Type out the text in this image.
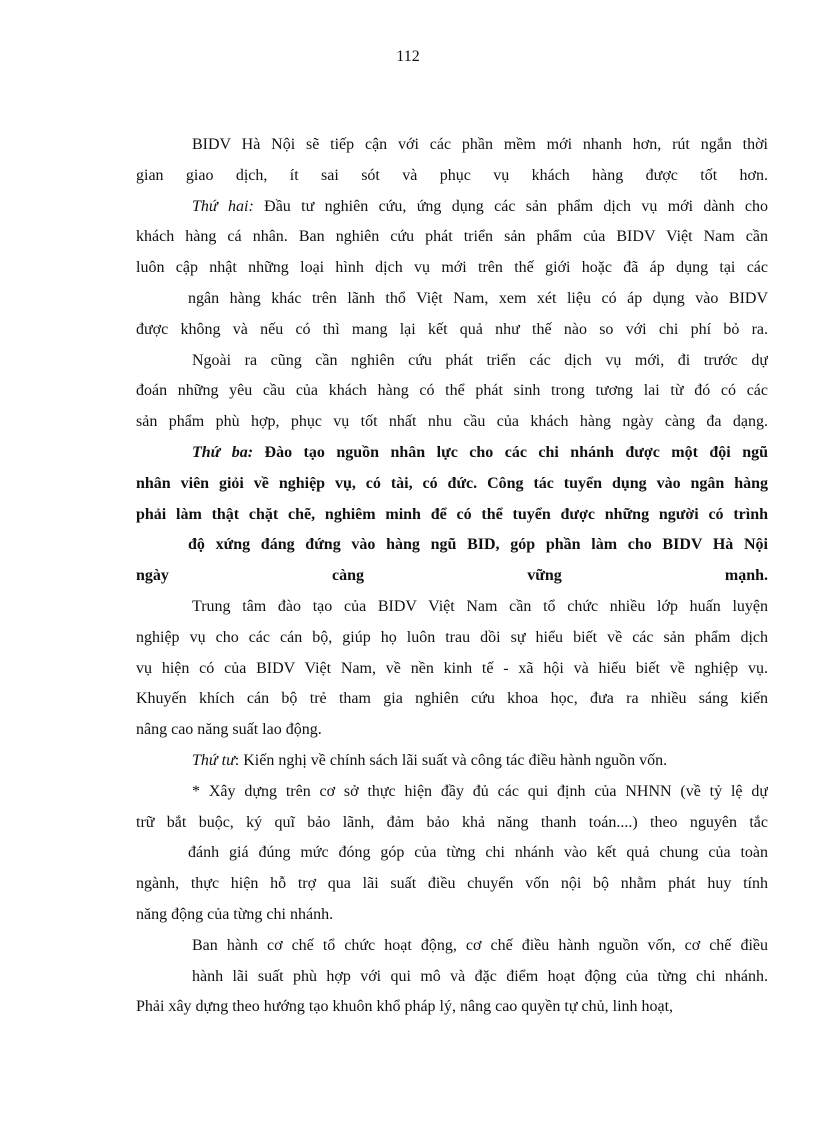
112
BIDV Hà Nội sẽ tiếp cận với các phần mềm mới nhanh hơn, rút ngắn thời
gian giao dịch, ít sai sót và phục vụ khách hàng được tốt hơn.
Thứ hai: Đầu tư nghiên cứu, ứng dụng các sản phẩm dịch vụ mới dành cho
khách hàng cá nhân. Ban nghiên cứu phát triển sản phẩm của BIDV Việt Nam cần
luôn cập nhật những loại hình dịch vụ mới trên thế giới hoặc đã áp dụng tại các
ngân hàng khác trên lãnh thổ Việt Nam, xem xét liệu có áp dụng vào BIDV
được không và nếu có thì mang lại kết quả như thế nào so với chi phí bỏ ra.
Ngoài ra cũng cần nghiên cứu phát triển các dịch vụ mới, đi trước dự
đoán những yêu cầu của khách hàng có thể phát sinh trong tương lai từ đó có các
sản phẩm phù hợp, phục vụ tốt nhất nhu cầu của khách hàng ngày càng đa dạng.
Thứ ba: Đào tạo nguồn nhân lực cho các chi nhánh được một đội ngũ
nhân viên giỏi về nghiệp vụ, có tài, có đức. Công tác tuyển dụng vào ngân hàng
phải làm thật chặt chẽ, nghiêm minh để có thể tuyển được những người có trình
độ xứng đáng đứng vào hàng ngũ BID, góp phần làm cho BIDV Hà Nội
ngày càng vững mạnh.
Trung tâm đào tạo của BIDV Việt Nam cần tổ chức nhiều lớp huấn luyện
nghiệp vụ cho các cán bộ, giúp họ luôn trau dồi sự hiểu biết về các sản phẩm dịch
vụ hiện có của BIDV Việt Nam, về nền kinh tế - xã hội và hiểu biết về nghiệp vụ.
Khuyến khích cán bộ trẻ tham gia nghiên cứu khoa học, đưa ra nhiều sáng kiến
nâng cao năng suất lao động.
Thứ tư: Kiến nghị về chính sách lãi suất và công tác điều hành nguồn vốn.
* Xây dựng trên cơ sở thực hiện đầy đủ các qui định của NHNN (về tỷ lệ dự
trữ bắt buộc, ký quĩ bảo lãnh, đảm bảo khả năng thanh toán....) theo nguyên tắc
đánh giá đúng mức đóng góp của từng chi nhánh vào kết quả chung của toàn
ngành, thực hiện hỗ trợ qua lãi suất điều chuyển vốn nội bộ nhằm phát huy tính
năng động của từng chi nhánh.
Ban hành cơ chế tổ chức hoạt động, cơ chế điều hành nguồn vốn, cơ chế điều
hành lãi suất phù hợp với qui mô và đặc điểm hoạt động của từng chi nhánh.
Phải xây dựng theo hướng tạo khuôn khổ pháp lý, nâng cao quyền tự chủ, linh hoạt,
